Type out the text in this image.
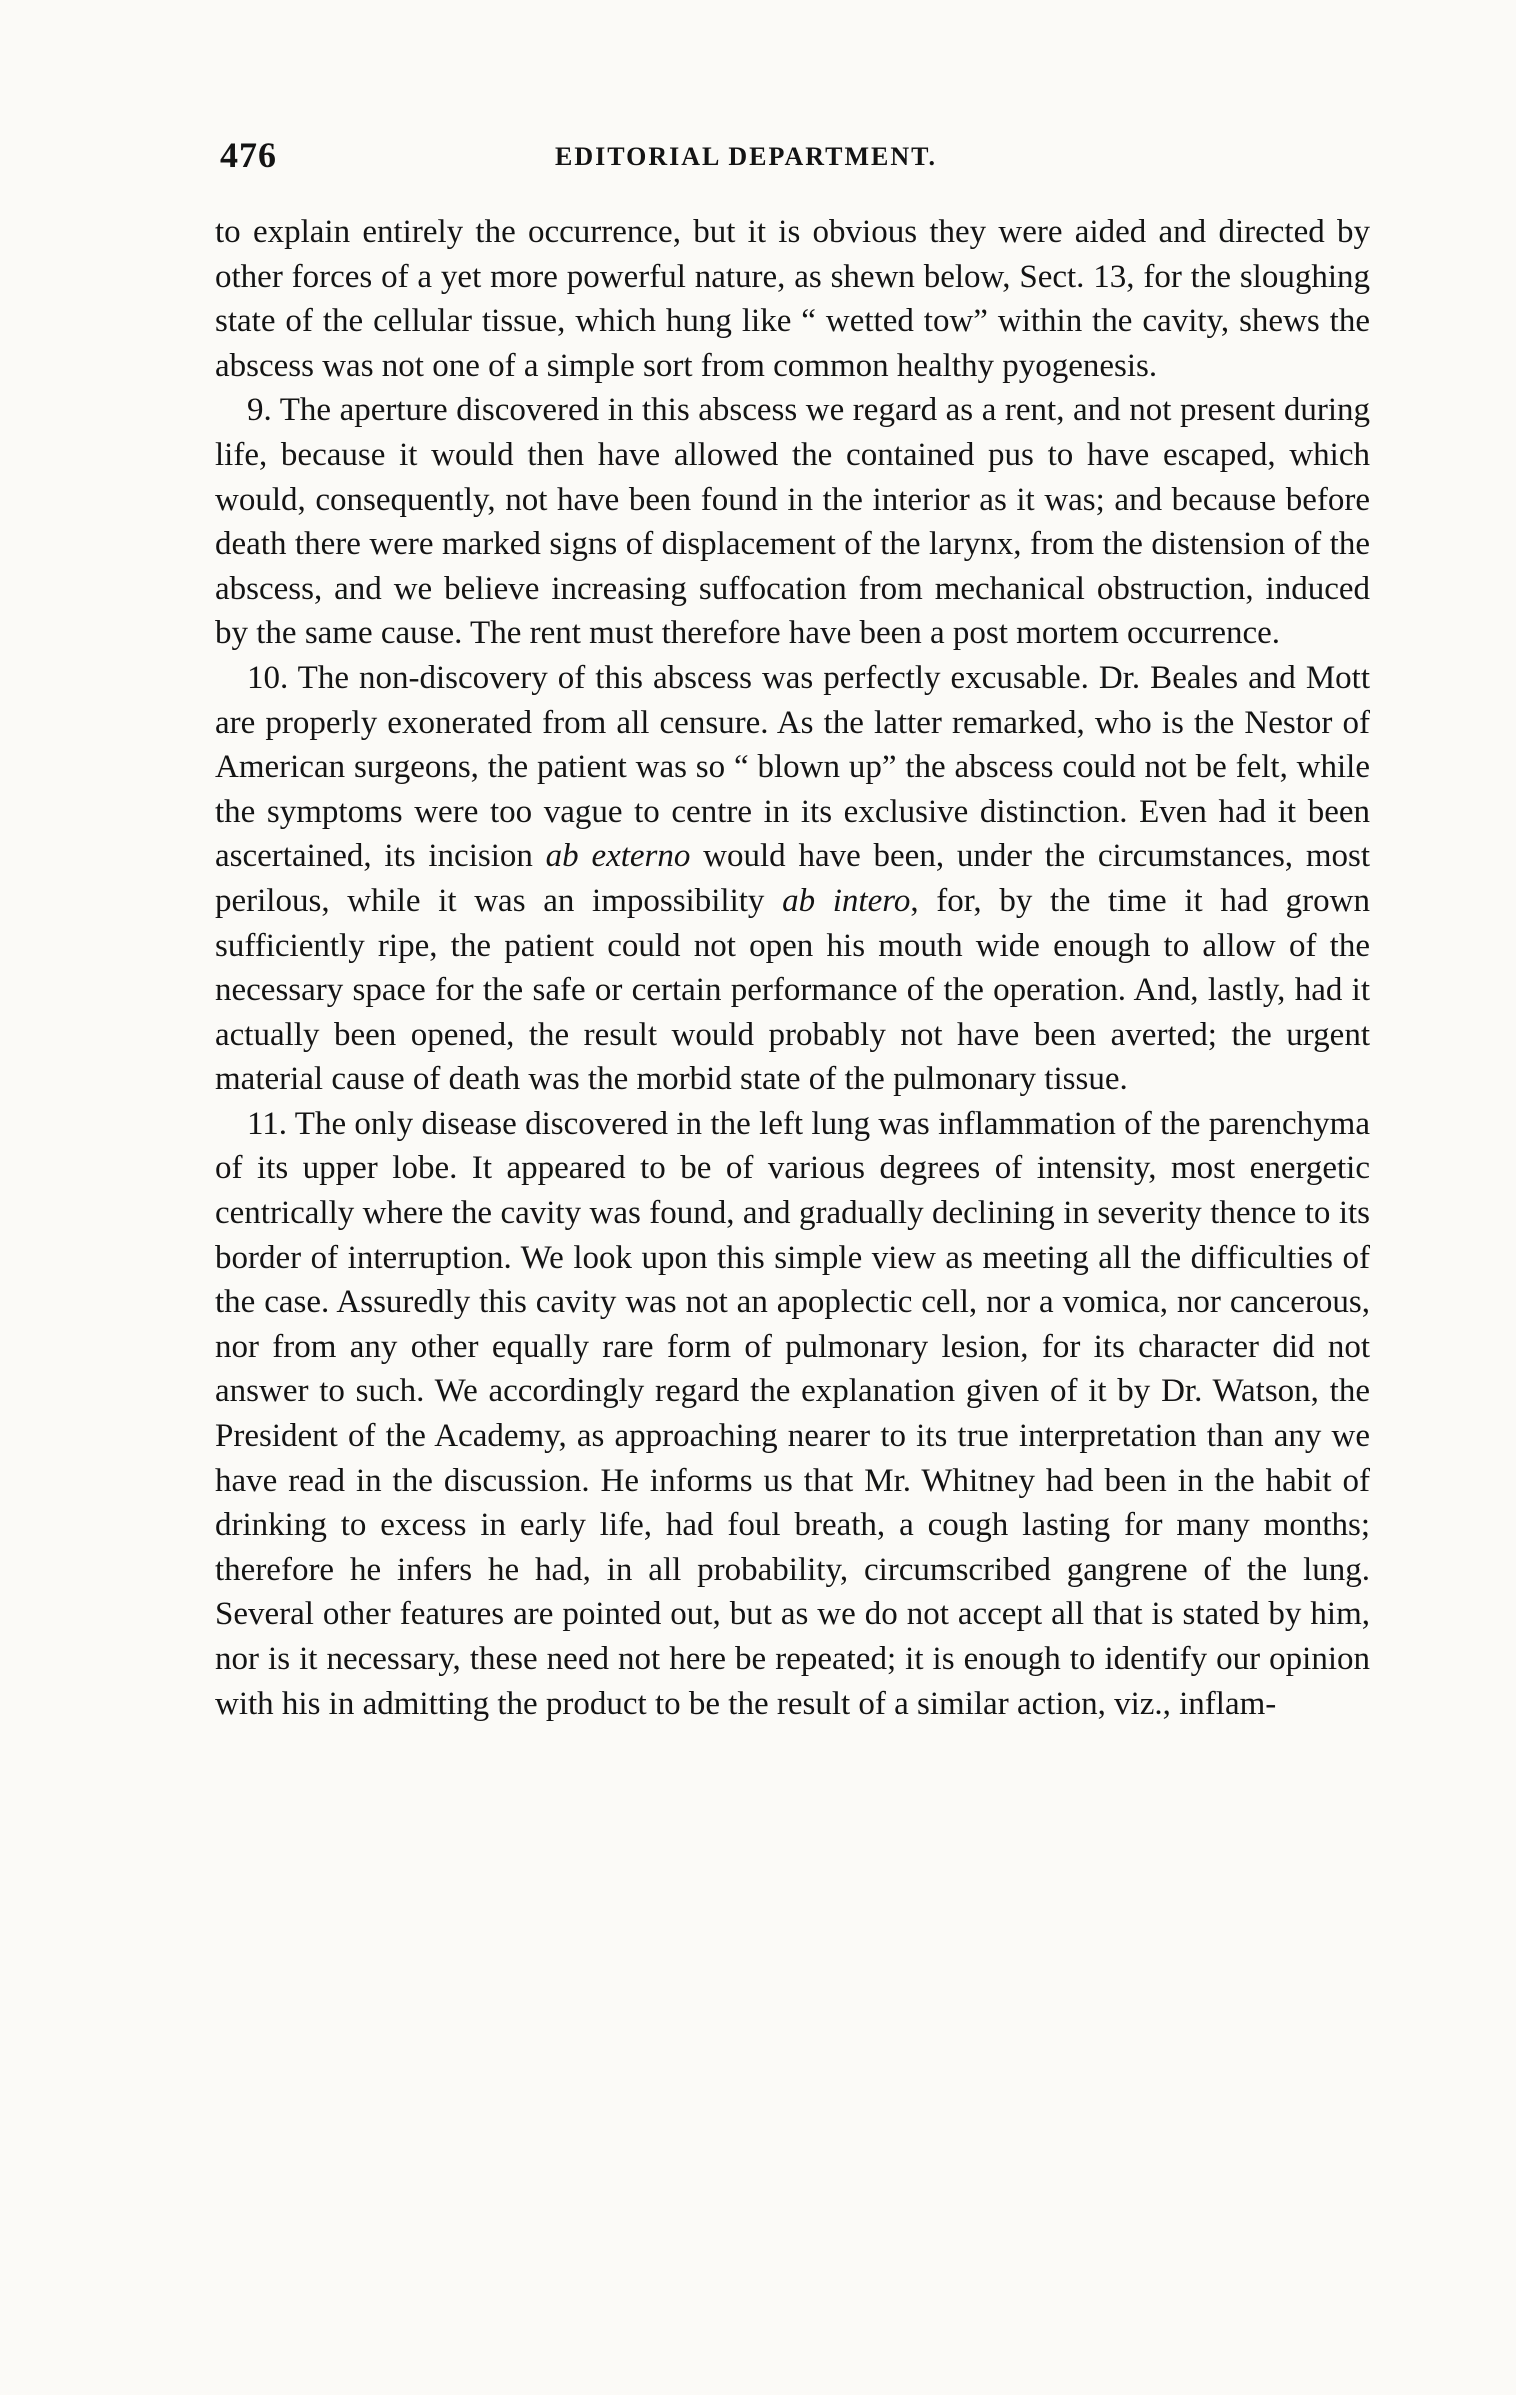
476	EDITORIAL DEPARTMENT.

to explain entirely the occurrence, but it is obvious they were aided and directed by other forces of a yet more powerful nature, as shewn below, Sect. 13, for the sloughing state of the cellular tissue, which hung like “ wetted tow” within the cavity, shews the abscess was not one of a simple sort from common healthy pyogenesis.

9. The aperture discovered in this abscess we regard as a rent, and not present during life, because it would then have allowed the contained pus to have escaped, which would, consequently, not have been found in the interior as it was; and because before death there were marked signs of displacement of the larynx, from the distension of the abscess, and we believe increasing suffocation from mechanical obstruction, induced by the same cause. The rent must therefore have been a post mortem occurrence.

10. The non-discovery of this abscess was perfectly excusable. Dr. Beales and Mott are properly exonerated from all censure. As the latter remarked, who is the Nestor of American surgeons, the patient was so “ blown up” the abscess could not be felt, while the symptoms were too vague to centre in its exclusive distinction. Even had it been ascertained, its incision ab externo would have been, under the circumstances, most perilous, while it was an impossibility ab intero, for, by the time it had grown sufficiently ripe, the patient could not open his mouth wide enough to allow of the necessary space for the safe or certain performance of the operation. And, lastly, had it actually been opened, the result would probably not have been averted; the urgent material cause of death was the morbid state of the pulmonary tissue.

11. The only disease discovered in the left lung was inflammation of the parenchyma of its upper lobe. It appeared to be of various degrees of intensity, most energetic centrically where the cavity was found, and gradually declining in severity thence to its border of interruption. We look upon this simple view as meeting all the difficulties of the case. Assuredly this cavity was not an apoplectic cell, nor a vomica, nor cancerous, nor from any other equally rare form of pulmonary lesion, for its character did not answer to such. We accordingly regard the explanation given of it by Dr. Watson, the President of the Academy, as approaching nearer to its true interpretation than any we have read in the discussion. He informs us that Mr. Whitney had been in the habit of drinking to excess in early life, had foul breath, a cough lasting for many months; therefore he infers he had, in all probability, circumscribed gangrene of the lung. Several other features are pointed out, but as we do not accept all that is stated by him, nor is it necessary, these need not here be repeated; it is enough to identify our opinion with his in admitting the product to be the result of a similar action, viz., inflam-
